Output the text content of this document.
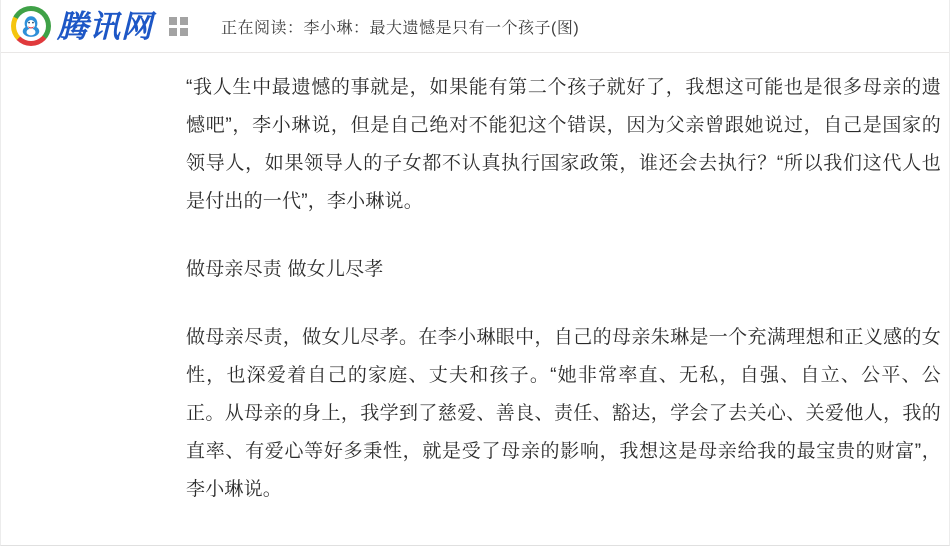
腾讯网	正在阅读：李小琳：最大遗憾是只有一个孩子(图)

“我人生中最遗憾的事就是，如果能有第二个孩子就好了，我想这可能也是很多母亲的遗憾吧”，李小琳说，但是自己绝对不能犯这个错误，因为父亲曾跟她说过，自己是国家的领导人，如果领导人的子女都不认真执行国家政策，谁还会去执行？“所以我们这代人也是付出的一代”，李小琳说。

做母亲尽责 做女儿尽孝

做母亲尽责，做女儿尽孝。在李小琳眼中，自己的母亲朱琳是一个充满理想和正义感的女性，也深爱着自己的家庭、丈夫和孩子。“她非常率直、无私，自强、自立、公平、公正。从母亲的身上，我学到了慈爱、善良、责任、豁达，学会了去关心、关爱他人，我的直率、有爱心等好多秉性，就是受了母亲的影响，我想这是母亲给我的最宝贵的财富”，李小琳说。
